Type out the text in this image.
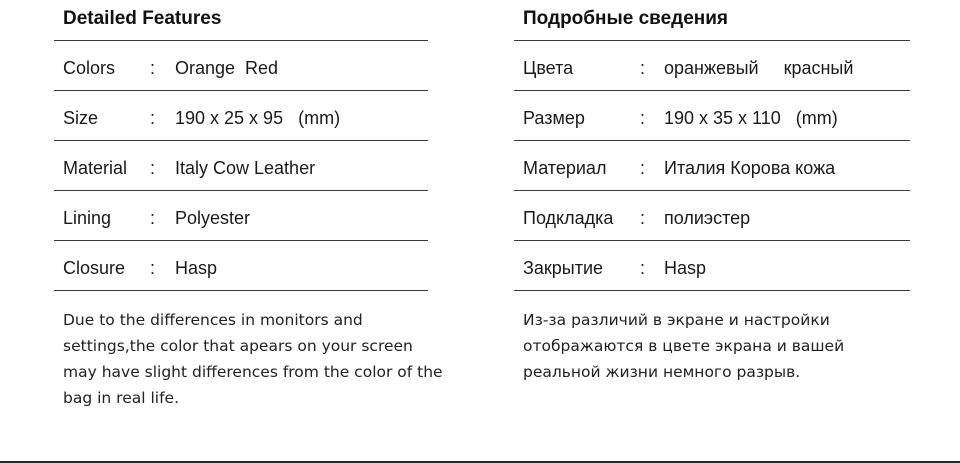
Detailed Features
Colors : Orange  Red
Size	: 190 x 25 x 95   (mm)
Material : Italy Cow Leather
Lining : Polyester
Closure : Hasp
Due to the differences in monitors and settings,the color that apears on your screen may have slight differences from the color of the bag in real life.
Подробные сведения
Цвета	: оранжевый     красный
Размер	: 190 x 35 x 110   (mm)
Материал : Италия Корова кожа
Подкладка : полиэстер
Закрытие : Hasp
Из-за различий в экране и настройки отображаются в цвете экрана и вашей реальной жизни немного разрыв.
